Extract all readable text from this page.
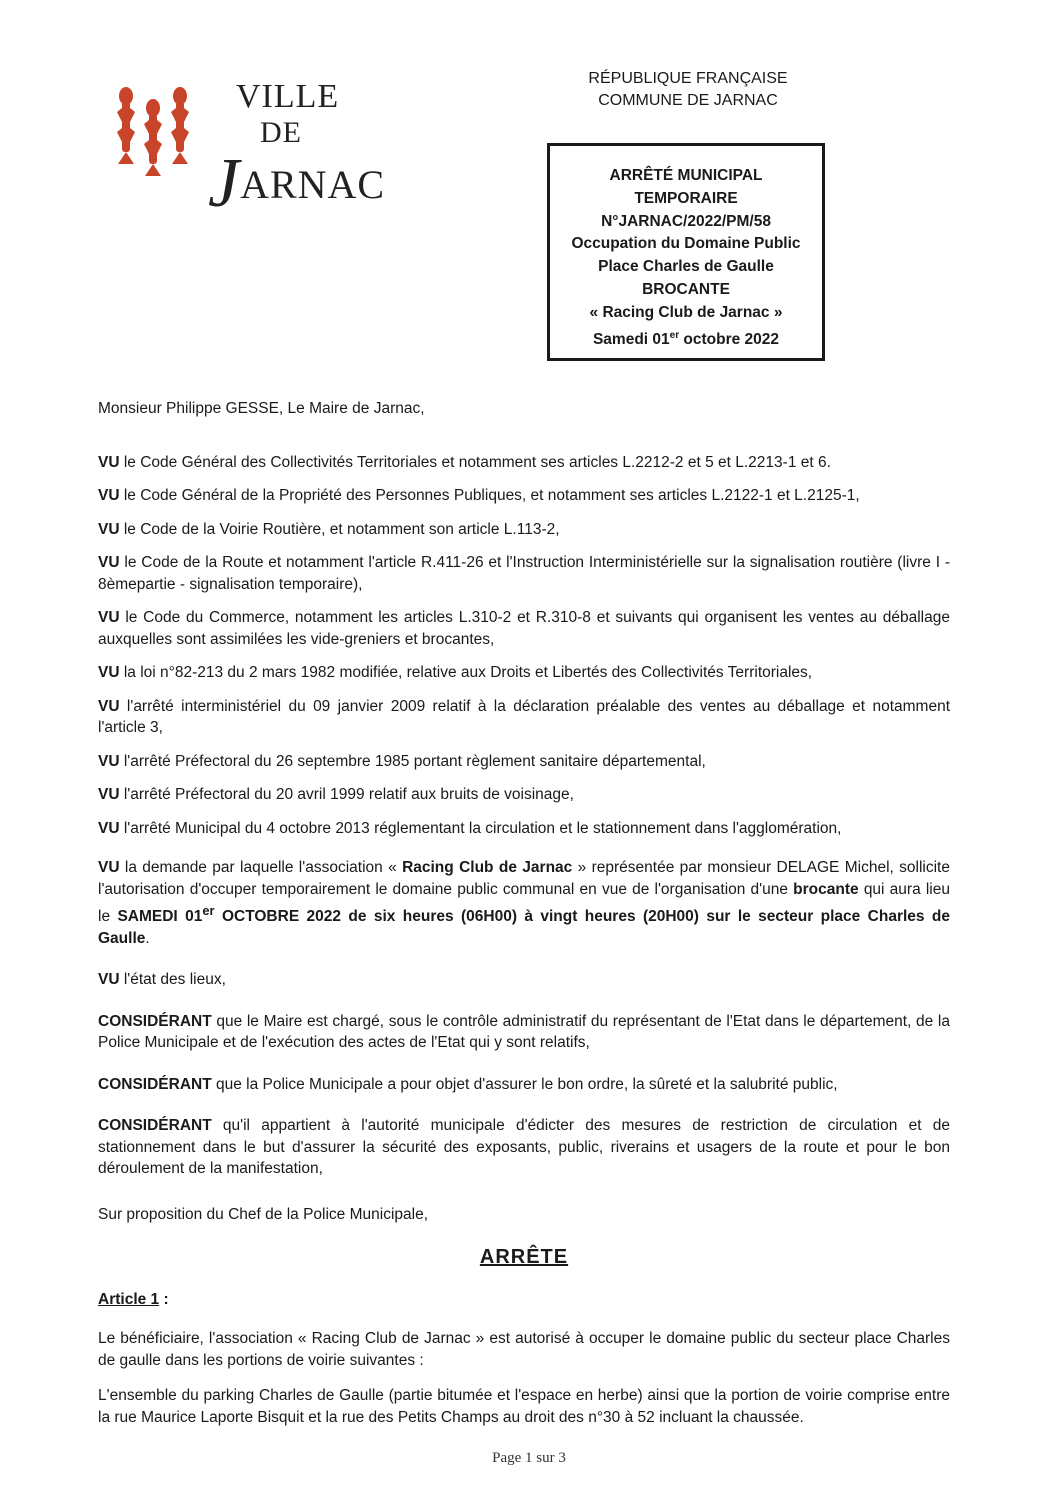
VILLE
DE
JARNAC
RÉPUBLIQUE FRANÇAISE
COMMUNE DE JARNAC
ARRÊTÉ MUNICIPAL
TEMPORAIRE
N°JARNAC/2022/PM/58
Occupation du Domaine Public
Place Charles de Gaulle
BROCANTE
« Racing Club de Jarnac »
Samedi 01er octobre 2022

Monsieur Philippe GESSE, Le Maire de Jarnac,

VU le Code Général des Collectivités Territoriales et notamment ses articles L.2212-2 et 5 et L.2213-1 et 6.

VU le Code Général de la Propriété des Personnes Publiques, et notamment ses articles L.2122-1 et L.2125-1,

VU le Code de la Voirie Routière, et notamment son article L.113-2,

VU le Code de la Route et notamment l'article R.411-26 et l'Instruction Interministérielle sur la signalisation routière (livre I - 8èmepartie - signalisation temporaire),

VU le Code du Commerce, notamment les articles L.310-2 et R.310-8 et suivants qui organisent les ventes au déballage auxquelles sont assimilées les vide-greniers et brocantes,

VU la loi n°82-213 du 2 mars 1982 modifiée, relative aux Droits et Libertés des Collectivités Territoriales,

VU l'arrêté interministériel du 09 janvier 2009 relatif à la déclaration préalable des ventes au déballage et notamment l'article 3,

VU l'arrêté Préfectoral du 26 septembre 1985 portant règlement sanitaire départemental,

VU l'arrêté Préfectoral du 20 avril 1999 relatif aux bruits de voisinage,

VU l'arrêté Municipal du 4 octobre 2013 réglementant la circulation et le stationnement dans l'agglomération,

VU la demande par laquelle l'association « Racing Club de Jarnac » représentée par monsieur DELAGE Michel, sollicite l'autorisation d'occuper temporairement le domaine public communal en vue de l'organisation d'une brocante qui aura lieu le SAMEDI 01er OCTOBRE 2022 de six heures (06H00) à vingt heures (20H00) sur le secteur place Charles de Gaulle.

VU l'état des lieux,

CONSIDÉRANT que le Maire est chargé, sous le contrôle administratif du représentant de l'Etat dans le département, de la Police Municipale et de l'exécution des actes de l'Etat qui y sont relatifs,

CONSIDÉRANT que la Police Municipale a pour objet d'assurer le bon ordre, la sûreté et la salubrité public,

CONSIDÉRANT qu'il appartient à l'autorité municipale d'édicter des mesures de restriction de circulation et de stationnement dans le but d'assurer la sécurité des exposants, public, riverains et usagers de la route et pour le bon déroulement de la manifestation,

Sur proposition du Chef de la Police Municipale,

ARRÊTE

Article 1 :

Le bénéficiaire, l'association « Racing Club de Jarnac » est autorisé à occuper le domaine public du secteur place Charles de gaulle dans les portions de voirie suivantes :

L'ensemble du parking Charles de Gaulle (partie bitumée et l'espace en herbe) ainsi que la portion de voirie comprise entre la rue Maurice Laporte Bisquit et la rue des Petits Champs au droit des n°30 à 52 incluant la chaussée.

Page 1 sur 3
